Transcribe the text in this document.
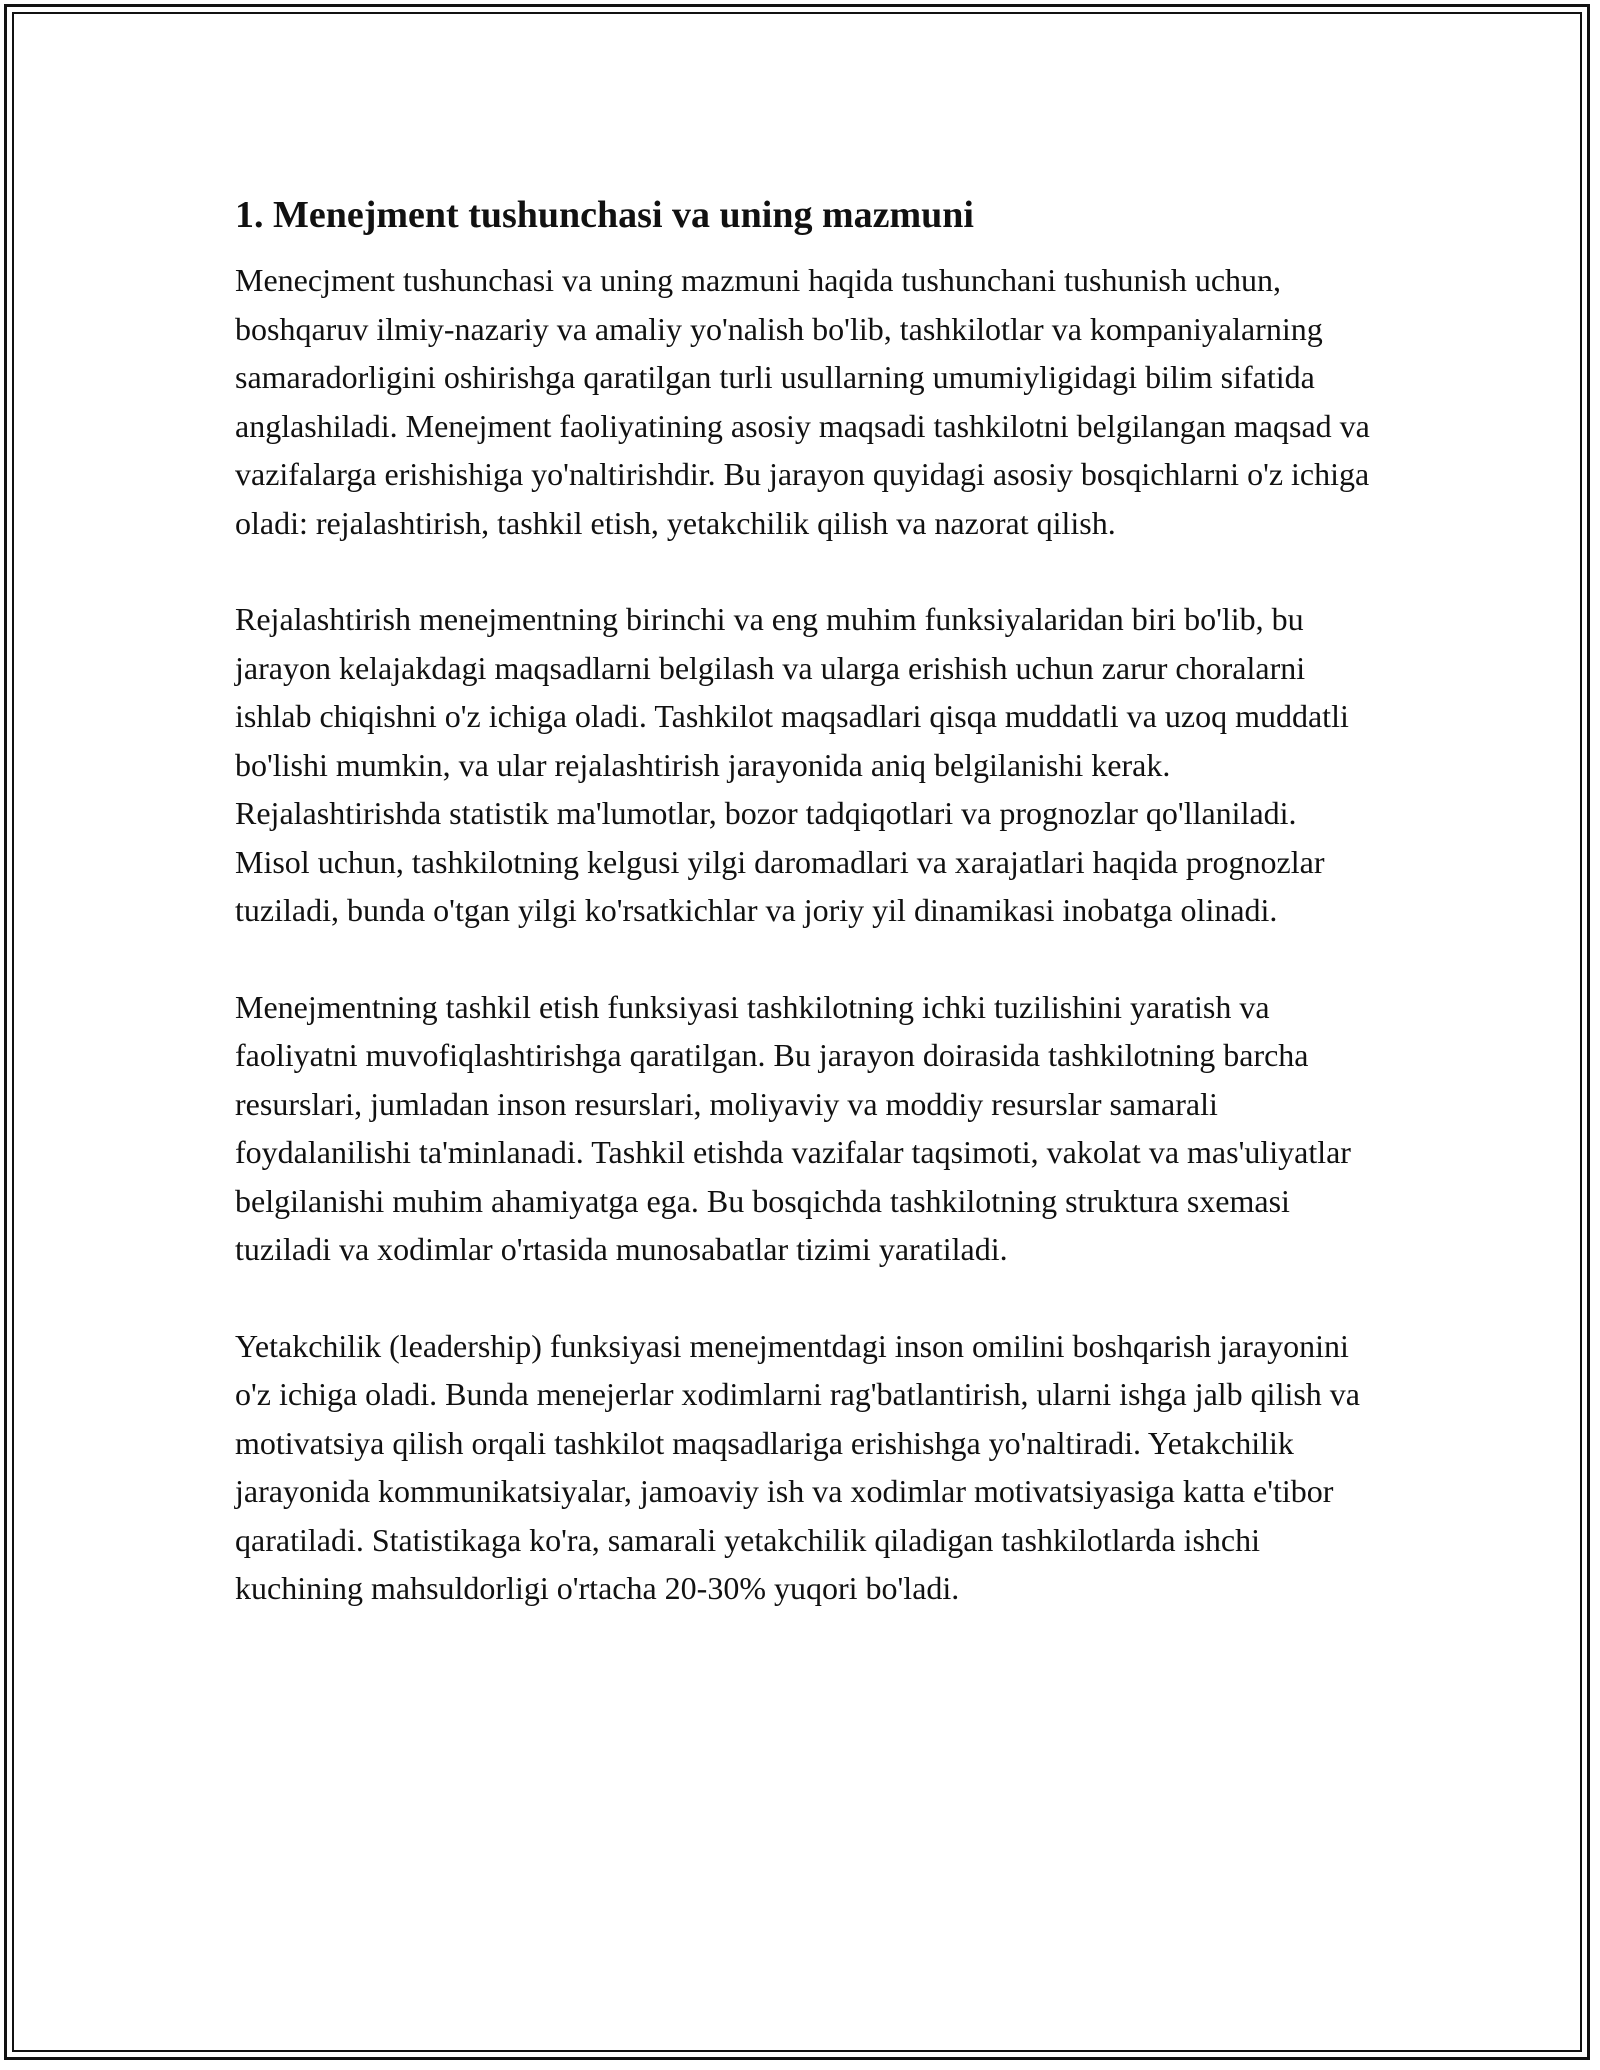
1. Menejment tushunchasi va uning mazmuni

Menecjment tushunchasi va uning mazmuni haqida tushunchani tushunish uchun, boshqaruv ilmiy-nazariy va amaliy yo'nalish bo'lib, tashkilotlar va kompaniyalarning samaradorligini oshirishga qaratilgan turli usullarning umumiyligidagi bilim sifatida anglashiladi. Menejment faoliyatining asosiy maqsadi tashkilotni belgilangan maqsad va vazifalarga erishishiga yo'naltirishdir. Bu jarayon quyidagi asosiy bosqichlarni o'z ichiga oladi: rejalashtirish, tashkil etish, yetakchilik qilish va nazorat qilish.

Rejalashtirish menejmentning birinchi va eng muhim funksiyalaridan biri bo'lib, bu jarayon kelajakdagi maqsadlarni belgilash va ularga erishish uchun zarur choralarni ishlab chiqishni o'z ichiga oladi. Tashkilot maqsadlari qisqa muddatli va uzoq muddatli bo'lishi mumkin, va ular rejalashtirish jarayonida aniq belgilanishi kerak. Rejalashtirishda statistik ma'lumotlar, bozor tadqiqotlari va prognozlar qo'llaniladi. Misol uchun, tashkilotning kelgusi yilgi daromadlari va xarajatlari haqida prognozlar tuziladi, bunda o'tgan yilgi ko'rsatkichlar va joriy yil dinamikasi inobatga olinadi.

Menejmentning tashkil etish funksiyasi tashkilotning ichki tuzilishini yaratish va faoliyatni muvofiqlashtirishga qaratilgan. Bu jarayon doirasida tashkilotning barcha resurslari, jumladan inson resurslari, moliyaviy va moddiy resurslar samarali foydalanilishi ta'minlanadi. Tashkil etishda vazifalar taqsimoti, vakolat va mas'uliyatlar belgilanishi muhim ahamiyatga ega. Bu bosqichda tashkilotning struktura sxemasi tuziladi va xodimlar o'rtasida munosabatlar tizimi yaratiladi.

Yetakchilik (leadership) funksiyasi menejmentdagi inson omilini boshqarish jarayonini o'z ichiga oladi. Bunda menejerlar xodimlarni rag'batlantirish, ularni ishga jalb qilish va motivatsiya qilish orqali tashkilot maqsadlariga erishishga yo'naltiradi. Yetakchilik jarayonida kommunikatsiyalar, jamoaviy ish va xodimlar motivatsiyasiga katta e'tibor qaratiladi. Statistikaga ko'ra, samarali yetakchilik qiladigan tashkilotlarda ishchi kuchining mahsuldorligi o'rtacha 20-30% yuqori bo'ladi.
